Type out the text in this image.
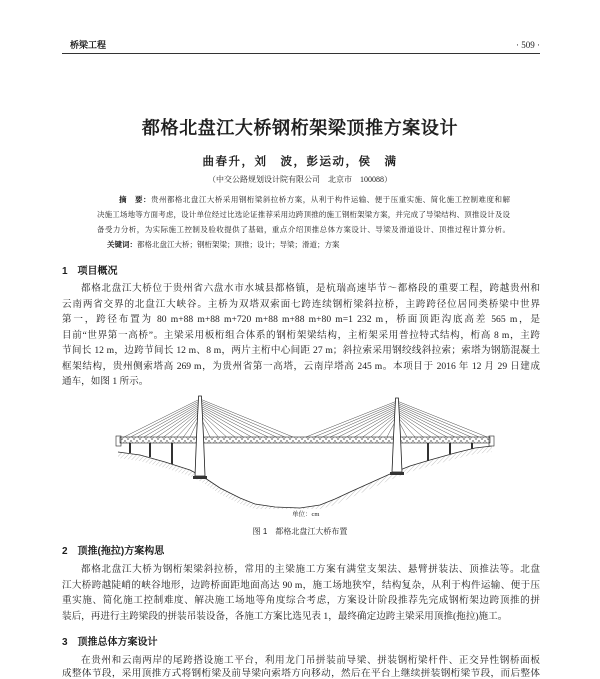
桥梁工程	· 509 ·
都格北盘江大桥钢桁架梁顶推方案设计
曲春升，刘　波，彭运动，侯　满
（中交公路规划设计院有限公司　北京市　100088）
摘　要：贵州都格北盘江大桥采用钢桁梁斜拉桥方案，从利于构件运输、便于压重实施、简化施工控制难度和解
决施工场地等方面考虑，设计单位经过比选论证推荐采用边跨顶推的施工钢桁架梁方案，并完成了导梁结构、顶推设计及设
备受力分析，为实际施工控制及验收提供了基础，重点介绍顶推总体方案设计、导梁及滑道设计、顶推过程计算分析。
关键词：都格北盘江大桥；钢桁架梁；顶推；设计；导梁；滑道；方案
1　项目概况
都格北盘江大桥位于贵州省六盘水市水城县都格镇，是杭瑞高速毕节～都格段的重要工程，跨越贵州和
云南两省交界的北盘江大峡谷。主桥为双塔双索面七跨连续钢桁梁斜拉桥，主跨跨径位居同类桥梁中世界
第一，跨径布置为 80 m+88 m+88 m+720 m+88 m+88 m+80 m=1 232 m，桥面顶距沟底高差 565 m，是
目前“世界第一高桥”。主梁采用板桁组合体系的钢桁架梁结构，主桁架采用普拉特式结构，桁高 8 m，主跨
节间长 12 m，边跨节间长 12 m、8 m，两片主桁中心间距 27 m；斜拉索采用钢绞线斜拉索；索塔为钢筋混凝土
框架结构，贵州侧索塔高 269 m，为贵州省第一高塔，云南岸塔高 245 m。本项目于 2016 年 12 月 29 日建成
通车，如图 1 所示。
单位：cm
图 1　都格北盘江大桥布置
2　顶推(拖拉)方案构思
都格北盘江大桥为钢桁架梁斜拉桥，常用的主梁施工方案有满堂支架法、悬臂拼装法、顶推法等。北盘
江大桥跨越陡峭的峡谷地形，边跨桥面距地面高达 90 m，施工场地狭窄，结构复杂，从利于构件运输、便于压
重实施、简化施工控制难度、解决施工场地等角度综合考虑，方案设计阶段推荐先完成钢桁架边跨顶推的拼
装后，再进行主跨梁段的拼装吊装设备，各施工方案比选见表 1，最终确定边跨主梁采用顶推(拖拉)施工。
3　顶推总体方案设计
在贵州和云南两岸的尾跨搭设施工平台，利用龙门吊拼装前导梁、拼装钢桁梁杆件、正交异性钢桥面板
成整体节段，采用顶推方式将钢桁梁及前导梁向索塔方向移动，然后在平台上继续拼装钢桁梁节段，而后整体
